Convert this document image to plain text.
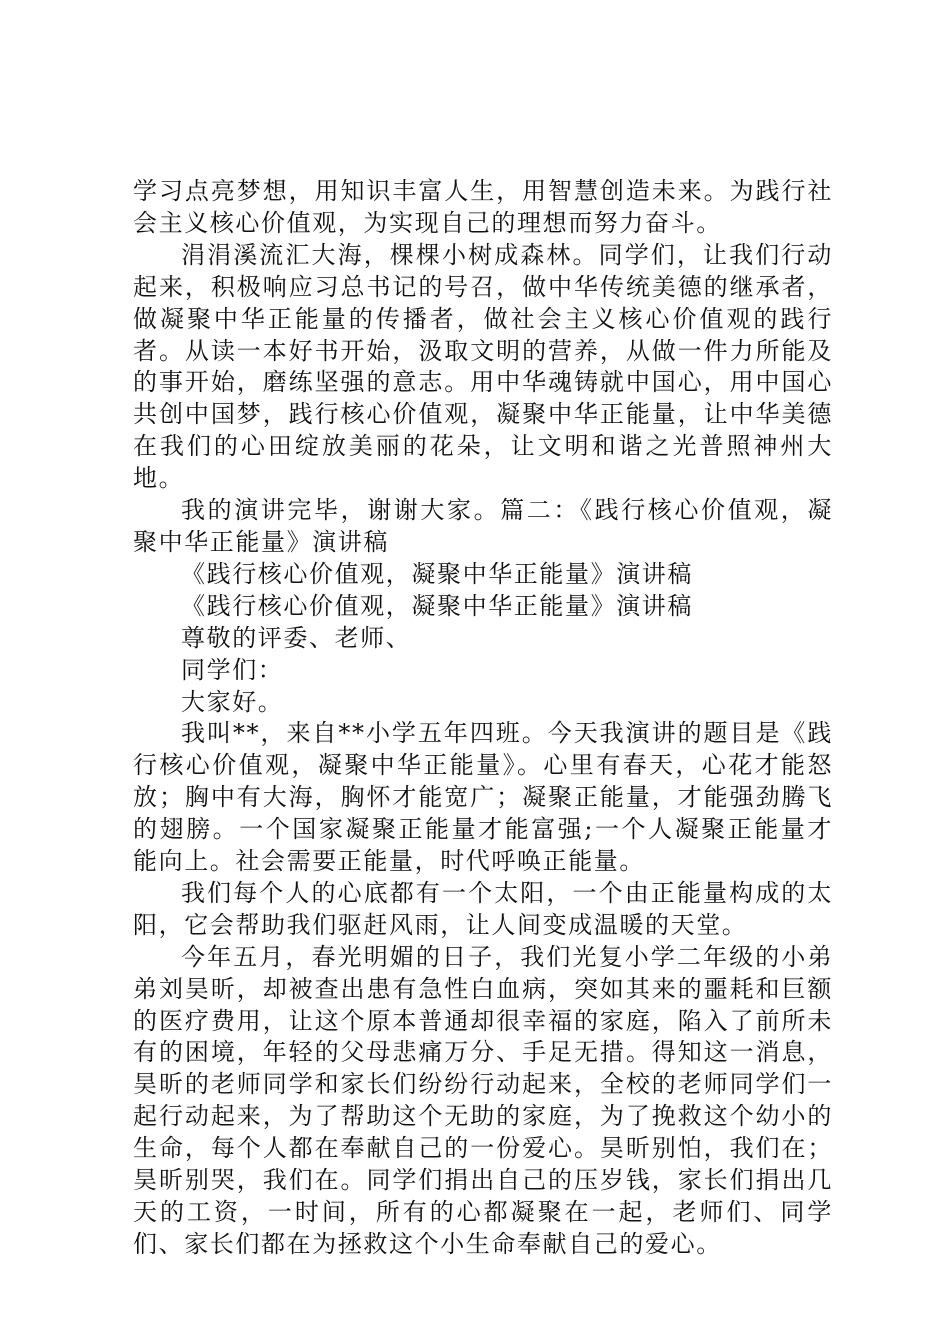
学习点亮梦想，用知识丰富人生，用智慧创造未来。为践行社会主义核心价值观，为实现自己的理想而努力奋斗。

涓涓溪流汇大海，棵棵小树成森林。同学们，让我们行动起来，积极响应习总书记的号召，做中华传统美德的继承者，做凝聚中华正能量的传播者，做社会主义核心价值观的践行者。从读一本好书开始，汲取文明的营养，从做一件力所能及的事开始，磨练坚强的意志。用中华魂铸就中国心，用中国心共创中国梦，践行核心价值观，凝聚中华正能量，让中华美德在我们的心田绽放美丽的花朵，让文明和谐之光普照神州大地。

我的演讲完毕，谢谢大家。篇二：《践行核心价值观，凝聚中华正能量》演讲稿

《践行核心价值观，凝聚中华正能量》演讲稿

《践行核心价值观，凝聚中华正能量》演讲稿

尊敬的评委、老师、

同学们：

大家好。

我叫**，来自**小学五年四班。今天我演讲的题目是《践行核心价值观，凝聚中华正能量》。心里有春天，心花才能怒放；胸中有大海，胸怀才能宽广；凝聚正能量，才能强劲腾飞的翅膀。一个国家凝聚正能量才能富强;一个人凝聚正能量才能向上。社会需要正能量，时代呼唤正能量。

我们每个人的心底都有一个太阳，一个由正能量构成的太阳，它会帮助我们驱赶风雨，让人间变成温暖的天堂。

今年五月，春光明媚的日子，我们光复小学二年级的小弟弟刘昊昕，却被查出患有急性白血病，突如其来的噩耗和巨额的医疗费用，让这个原本普通却很幸福的家庭，陷入了前所未有的困境，年轻的父母悲痛万分、手足无措。得知这一消息，昊昕的老师同学和家长们纷纷行动起来，全校的老师同学们一起行动起来，为了帮助这个无助的家庭，为了挽救这个幼小的生命，每个人都在奉献自己的一份爱心。昊昕别怕，我们在；昊昕别哭，我们在。同学们捐出自己的压岁钱，家长们捐出几天的工资，一时间，所有的心都凝聚在一起，老师们、同学们、家长们都在为拯救这个小生命奉献自己的爱心。
